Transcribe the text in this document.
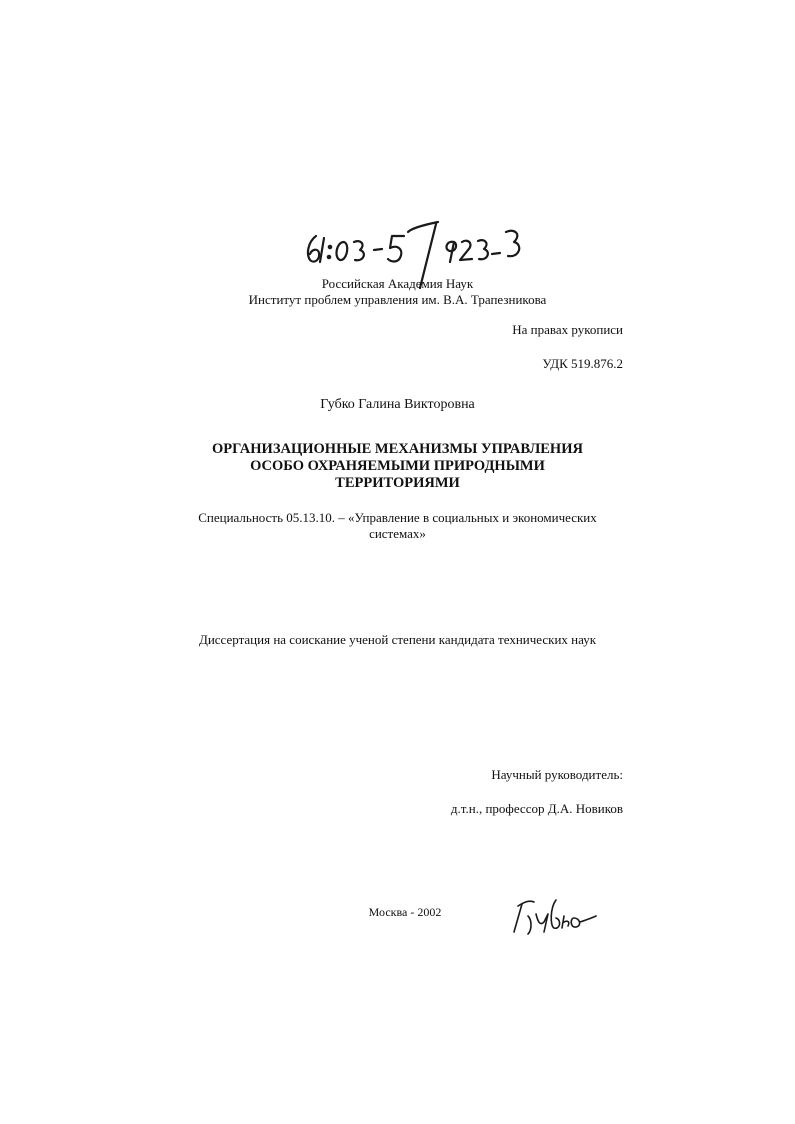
Российская Академия Наук
Институт проблем управления им. В.А. Трапезникова
На правах рукописи
УДК 519.876.2
Губко Галина Викторовна
ОРГАНИЗАЦИОННЫЕ МЕХАНИЗМЫ УПРАВЛЕНИЯ
ОСОБО ОХРАНЯЕМЫМИ ПРИРОДНЫМИ
ТЕРРИТОРИЯМИ
Специальность 05.13.10. – «Управление в социальных и экономических
системах»
Диссертация на соискание ученой степени кандидата технических наук
Научный руководитель:
д.т.н., профессор Д.А. Новиков
Москва - 2002
